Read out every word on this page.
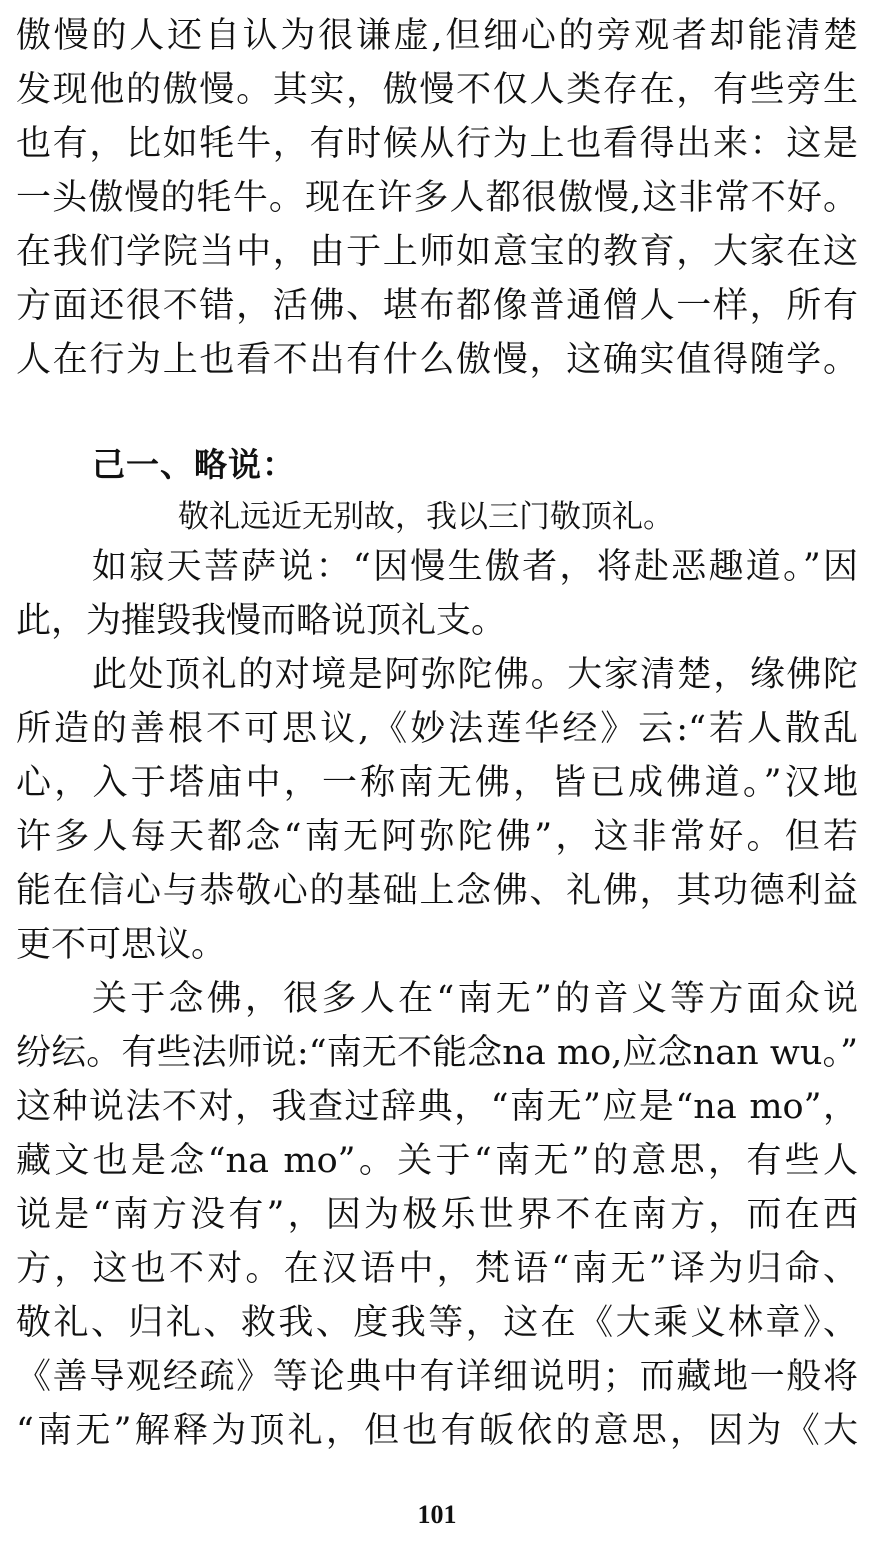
傲慢的人还自认为很谦虚,但细心的旁观者却能清楚
发现他的傲慢。其实，傲慢不仅人类存在，有些旁生
也有，比如牦牛，有时候从行为上也看得出来：这是
一头傲慢的牦牛。现在许多人都很傲慢,这非常不好。
在我们学院当中，由于上师如意宝的教育，大家在这
方面还很不错，活佛、堪布都像普通僧人一样，所有
人在行为上也看不出有什么傲慢，这确实值得随学。
己一、略说：
敬礼远近无别故，我以三门敬顶礼。
如寂天菩萨说：“因慢生傲者，将赴恶趣道。”因
此，为摧毁我慢而略说顶礼支。
此处顶礼的对境是阿弥陀佛。大家清楚，缘佛陀
所造的善根不可思议,《妙法莲华经》云:“若人散乱
心，入于塔庙中，一称南无佛，皆已成佛道。”汉地
许多人每天都念“南无阿弥陀佛”，这非常好。但若
能在信心与恭敬心的基础上念佛、礼佛，其功德利益
更不可思议。
关于念佛，很多人在“南无”的音义等方面众说
纷纭。有些法师说:“南无不能念na mo,应念nan wu。”
这种说法不对，我查过辞典，“南无”应是“na mo”，
藏文也是念“na mo”。关于“南无”的意思，有些人
说是“南方没有”，因为极乐世界不在南方，而在西
方，这也不对。在汉语中，梵语“南无”译为归命、
敬礼、归礼、救我、度我等，这在《大乘义林章》、
《善导观经疏》等论典中有详细说明；而藏地一般将
“南无”解释为顶礼，但也有皈依的意思，因为《大
101
